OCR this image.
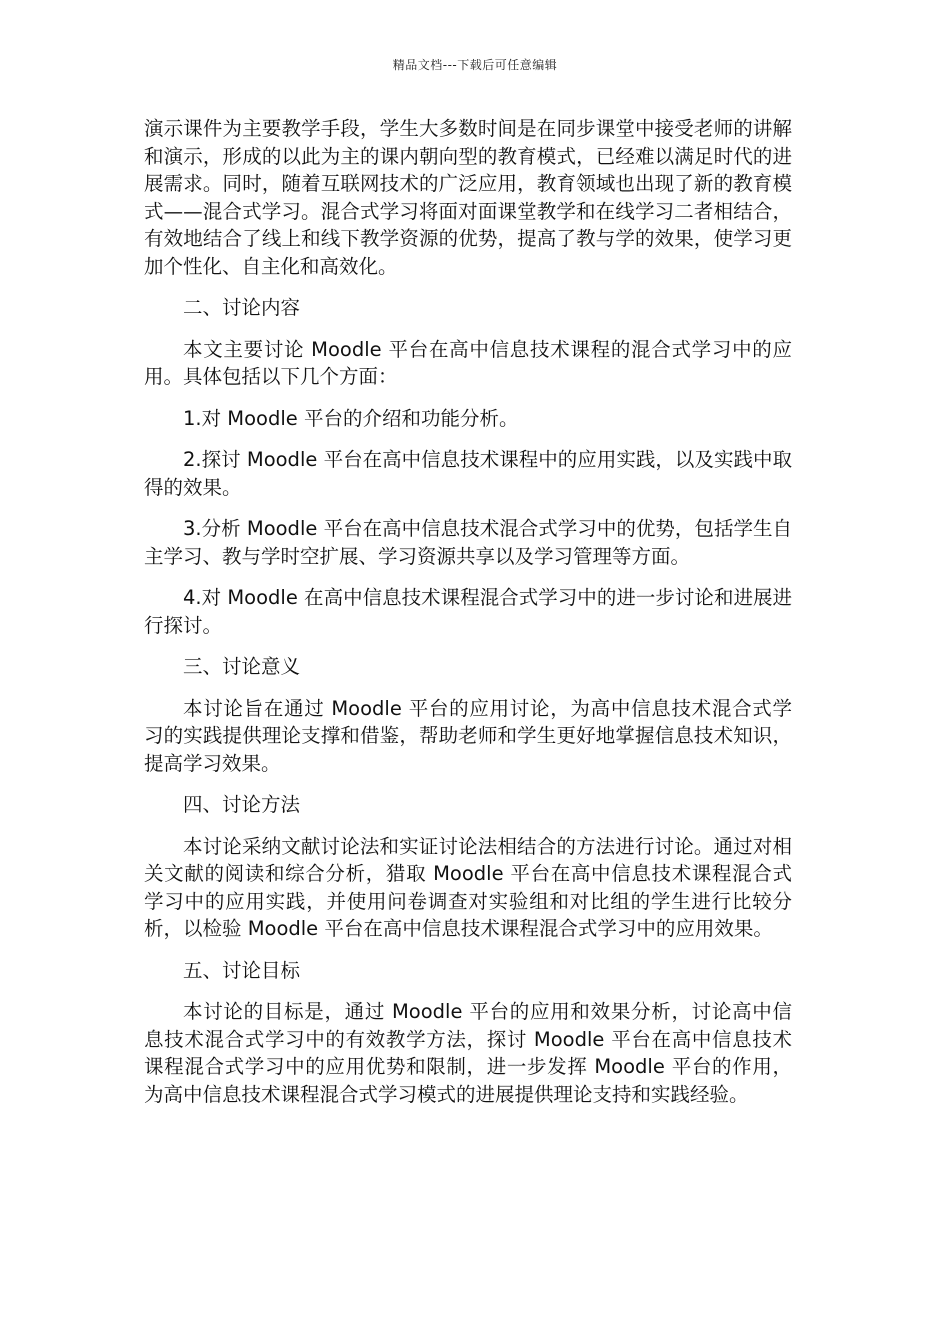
精品文档---下载后可任意编辑

演示课件为主要教学手段，学生大多数时间是在同步课堂中接受老师的讲解和演示，形成的以此为主的课内朝向型的教育模式，已经难以满足时代的进展需求。同时，随着互联网技术的广泛应用，教育领域也出现了新的教育模式——混合式学习。混合式学习将面对面课堂教学和在线学习二者相结合，有效地结合了线上和线下教学资源的优势，提高了教与学的效果，使学习更加个性化、自主化和高效化。

二、讨论内容

本文主要讨论 Moodle 平台在高中信息技术课程的混合式学习中的应用。具体包括以下几个方面：

1.对 Moodle 平台的介绍和功能分析。

2.探讨 Moodle 平台在高中信息技术课程中的应用实践，以及实践中取得的效果。

3.分析 Moodle 平台在高中信息技术混合式学习中的优势，包括学生自主学习、教与学时空扩展、学习资源共享以及学习管理等方面。

4.对 Moodle 在高中信息技术课程混合式学习中的进一步讨论和进展进行探讨。

三、讨论意义

本讨论旨在通过 Moodle 平台的应用讨论，为高中信息技术混合式学习的实践提供理论支撑和借鉴，帮助老师和学生更好地掌握信息技术知识，提高学习效果。

四、讨论方法

本讨论采纳文献讨论法和实证讨论法相结合的方法进行讨论。通过对相关文献的阅读和综合分析，猎取 Moodle 平台在高中信息技术课程混合式学习中的应用实践，并使用问卷调查对实验组和对比组的学生进行比较分析，以检验 Moodle 平台在高中信息技术课程混合式学习中的应用效果。

五、讨论目标

本讨论的目标是，通过 Moodle 平台的应用和效果分析，讨论高中信息技术混合式学习中的有效教学方法，探讨 Moodle 平台在高中信息技术课程混合式学习中的应用优势和限制，进一步发挥 Moodle 平台的作用，为高中信息技术课程混合式学习模式的进展提供理论支持和实践经验。
